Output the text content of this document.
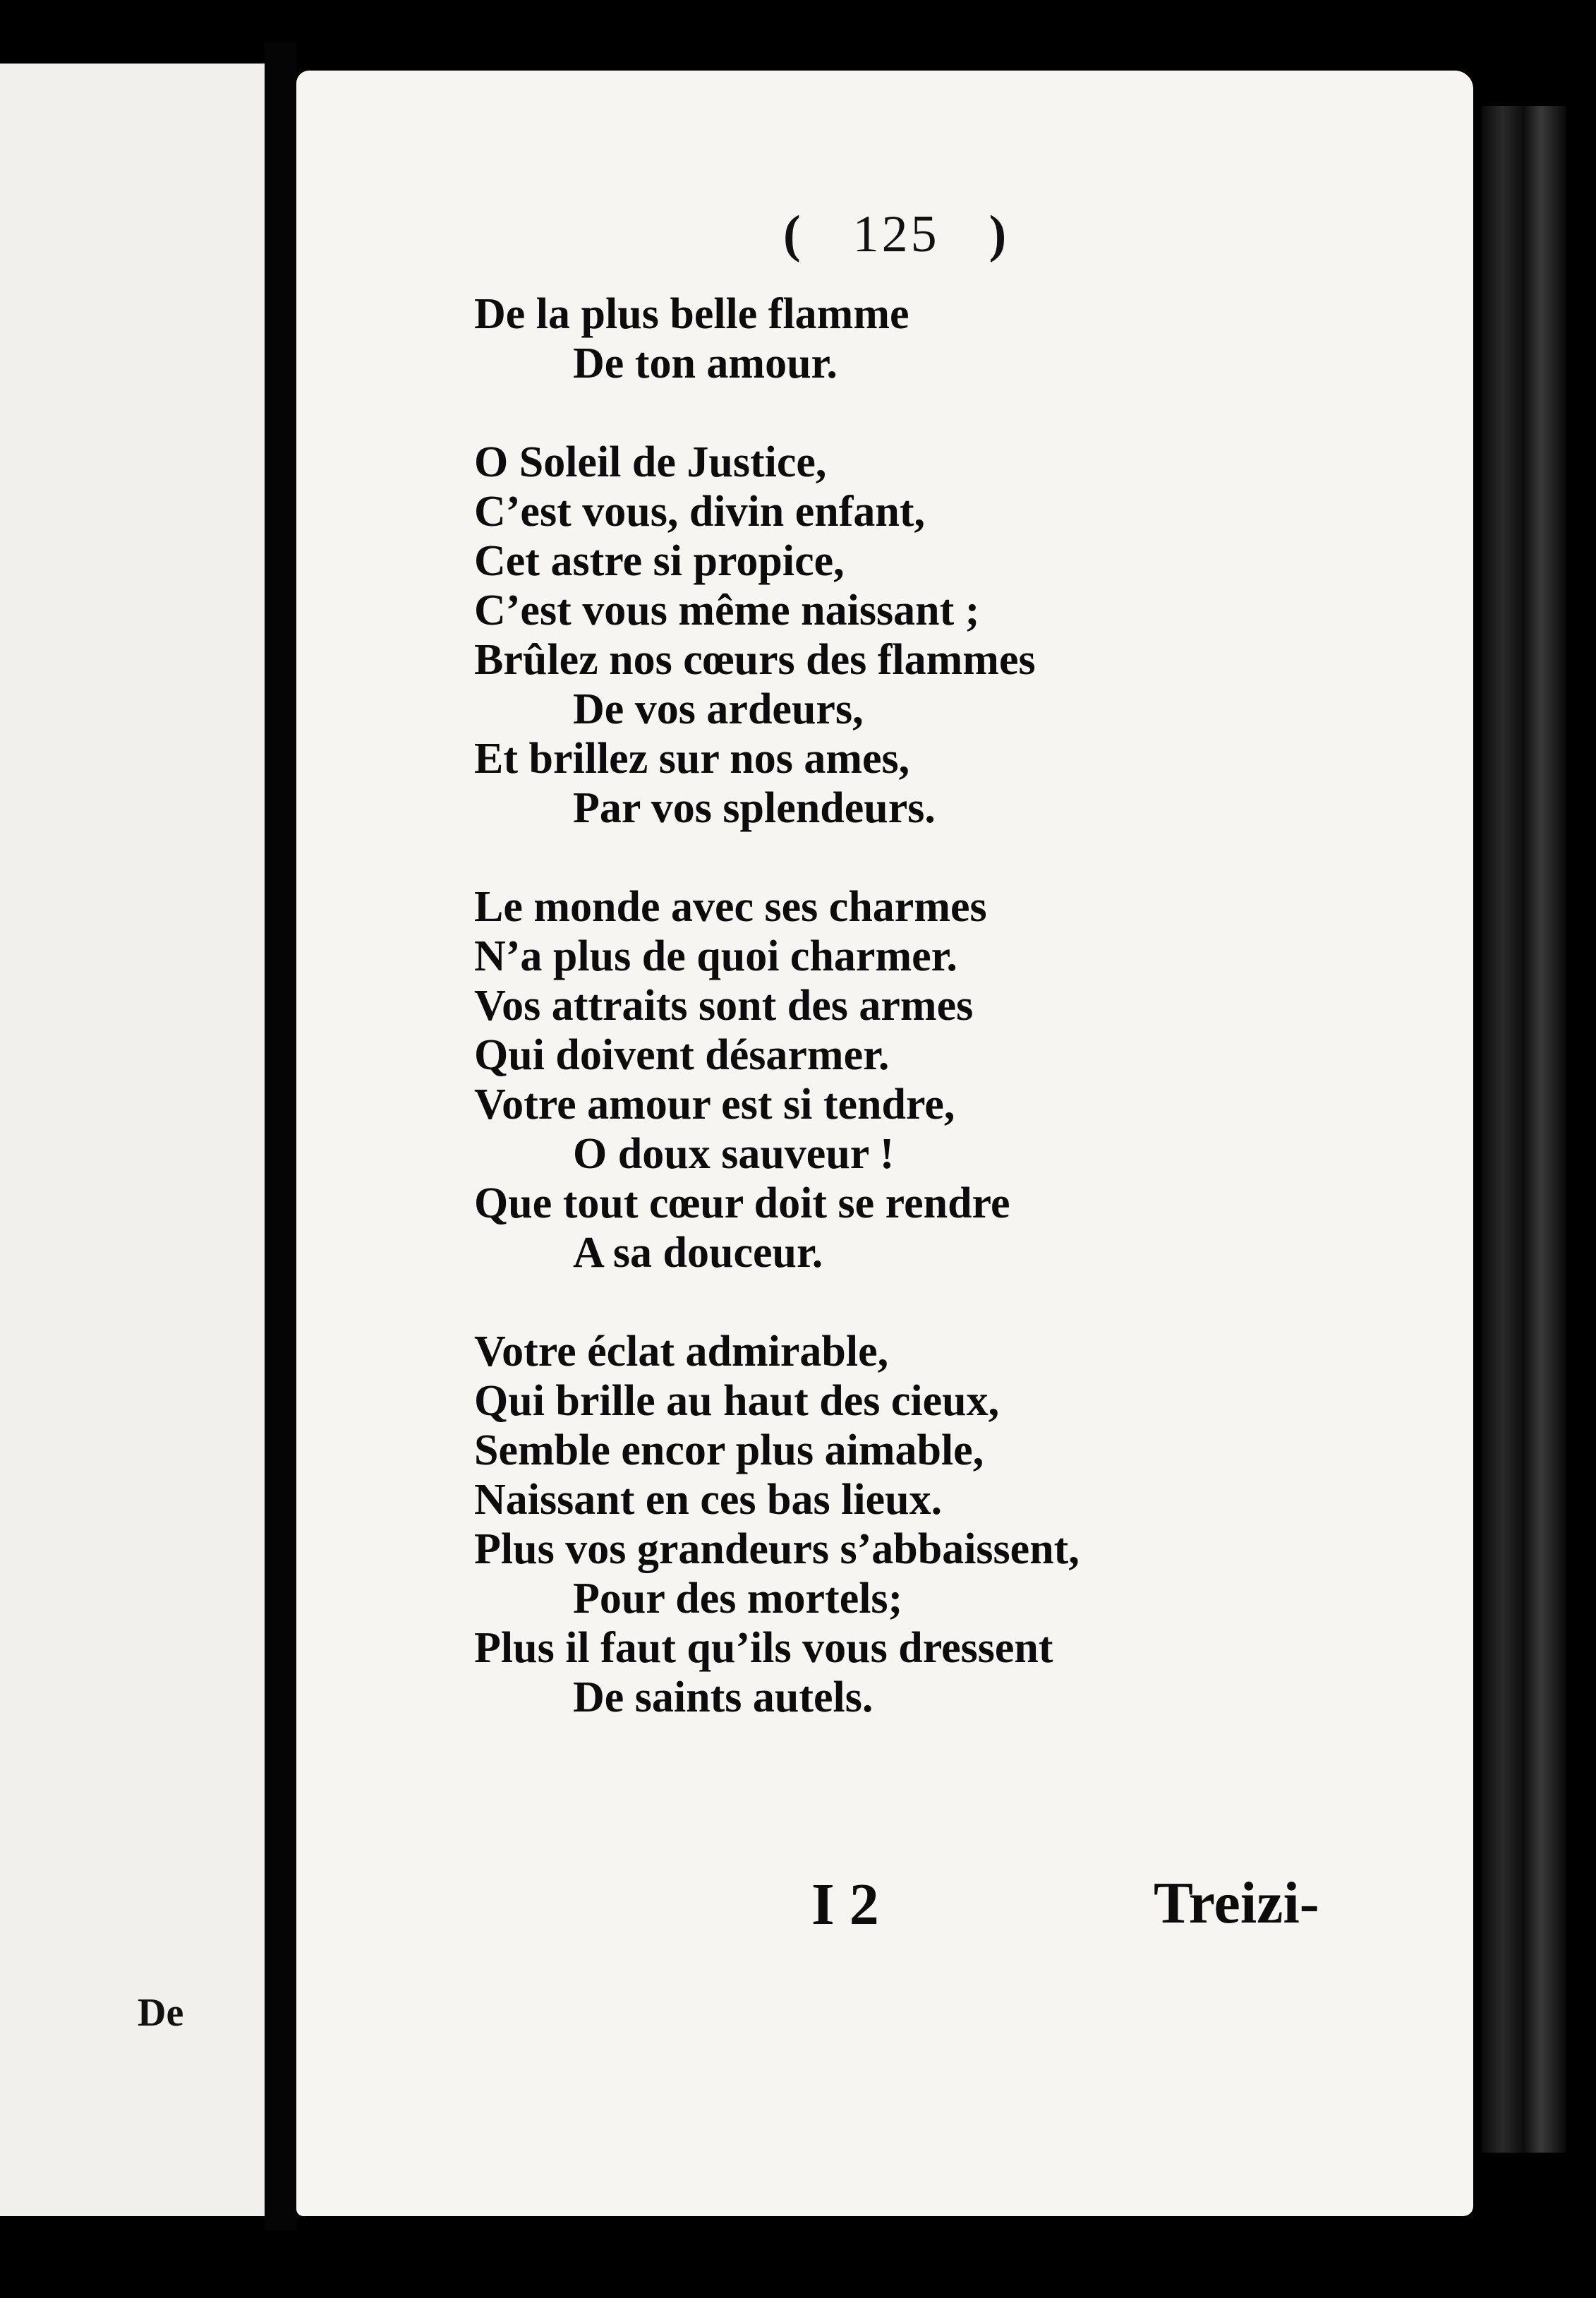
De
( 125 )
De la plus belle flamme
De ton amour.
O Soleil de Justice,
C’est vous, divin enfant,
Cet astre si propice,
C’est vous même naissant ;
Brûlez nos cœurs des flammes
De vos ardeurs,
Et brillez sur nos ames,
Par vos splendeurs.
Le monde avec ses charmes
N’a plus de quoi charmer.
Vos attraits sont des armes
Qui doivent désarmer.
Votre amour est si tendre,
O doux sauveur !
Que tout cœur doit se rendre
A sa douceur.
Votre éclat admirable,
Qui brille au haut des cieux,
Semble encor plus aimable,
Naissant en ces bas lieux.
Plus vos grandeurs s’abbaissent,
Pour des mortels;
Plus il faut qu’ils vous dressent
De saints autels.
I 2	Treizi-
